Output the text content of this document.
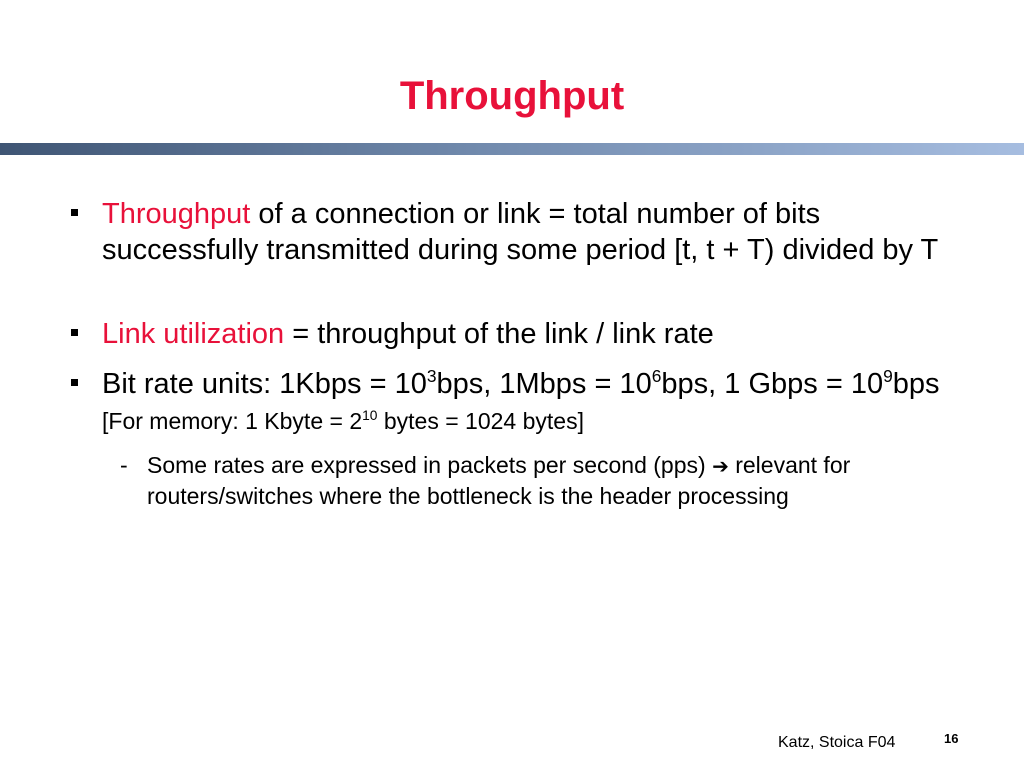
Throughput
Throughput of a connection or link = total number of bits successfully transmitted during some period [t, t + T) divided by T
Link utilization = throughput of the link / link rate
Bit rate units: 1Kbps = $10^3bps$, 1Mbps = $10^6bps$, 1 Gbps = $10^9bps$ [For memory: 1 Kbyte = $2^{10}$ bytes = 1024 bytes]
- Some rates are expressed in packets per second (pps) ➔ relevant for routers/switches where the bottleneck is the header processing
Katz, Stoica F04	16
